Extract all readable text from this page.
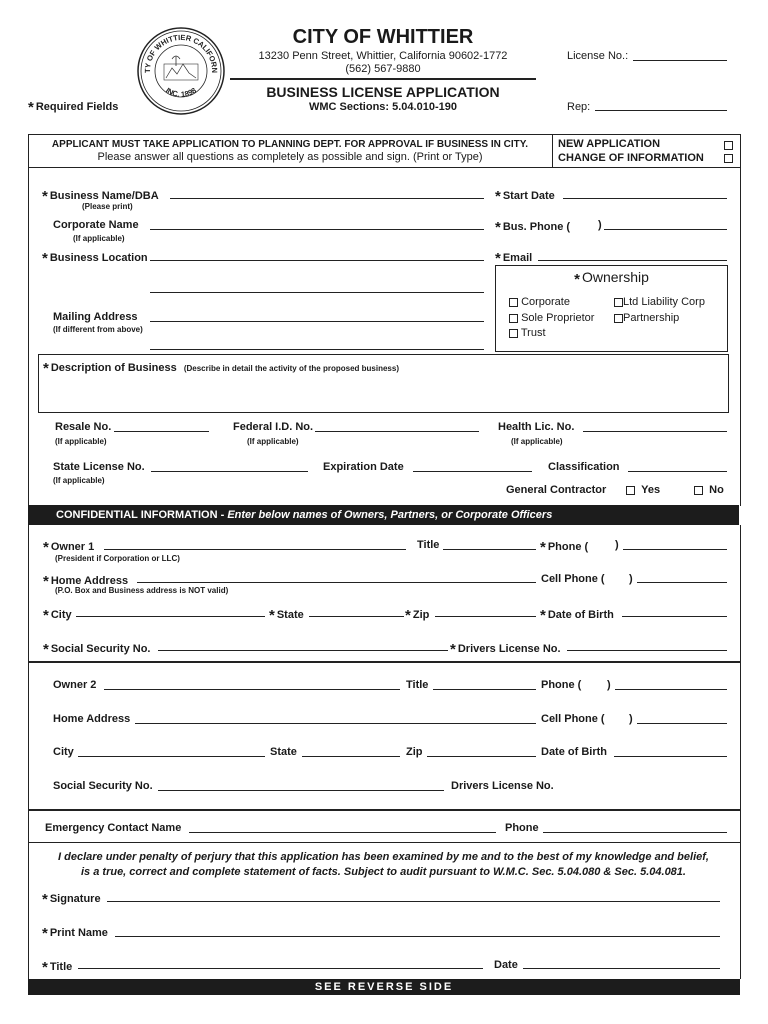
TY OF WHITTIER CALIFORN
INC. 1898
CITY OF WHITTIER
13230 Penn Street, Whittier, California 90602-1772
(562) 567-9880
BUSINESS LICENSE APPLICATION
WMC Sections: 5.04.010-190
License No.:
Rep:
* Required Fields
APPLICANT MUST TAKE APPLICATION TO PLANNING DEPT. FOR APPROVAL IF BUSINESS IN CITY.
Please answer all questions as completely as possible and sign. (Print or Type)
NEW APPLICATION
CHANGE OF INFORMATION
* Business Name/DBA
(Please print)
* Start Date
Corporate Name
(If applicable)
* Bus. Phone (	)
* Business Location	* Email
* Ownership
Corporate	Ltd Liability Corp
Sole Proprietor	Partnership
Trust
Mailing Address
(If different from above)
* Description of Business (Describe in detail the activity of the proposed business)
Resale No.
(If applicable)
Federal I.D. No.
(If applicable)
Health Lic. No.
(If applicable)
State License No.
(If applicable)
Expiration Date	Classification
General Contractor	Yes	No
CONFIDENTIAL INFORMATION - Enter below names of Owners, Partners, or Corporate Officers
* Owner 1
(President if Corporation or LLC)
Title	* Phone ( )
* Home Address
(P.O. Box and Business address is NOT valid)
Cell Phone ( )
* City	* State	* Zip	* Date of Birth
* Social Security No.	* Drivers License No.
Owner 2	Title	Phone ( )
Home Address	Cell Phone ( )
City	State	Zip	Date of Birth
Social Security No.	Drivers License No.
Emergency Contact Name	Phone
I declare under penalty of perjury that this application has been examined by me and to the best of my knowledge and belief,
is a true, correct and complete statement of facts. Subject to audit pursuant to W.M.C. Sec. 5.04.080 & Sec. 5.04.081.
* Signature
* Print Name
* Title	Date
SEE REVERSE SIDE
